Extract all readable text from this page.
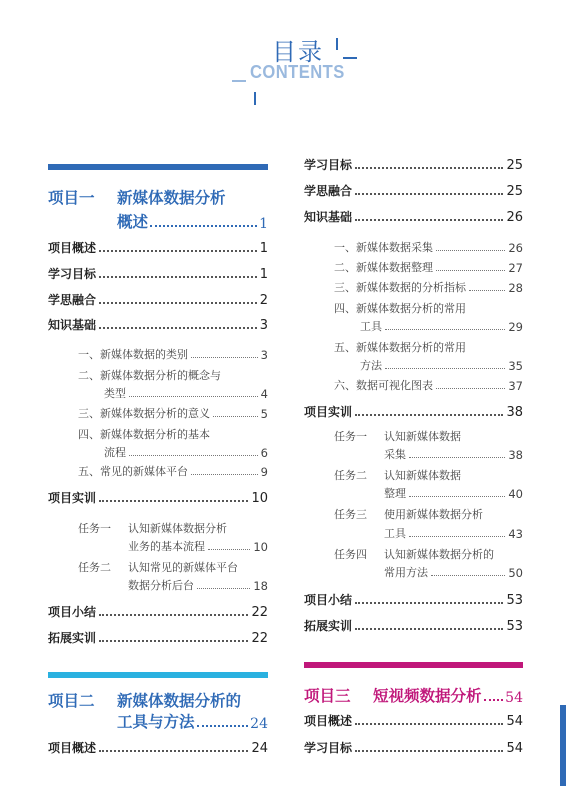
目录
CONTENTS
项目一 新媒体数据分析
概述	1
项目概述	1
学习目标	1
学思融合	2
知识基础	3
一、新媒体数据的类别	3
二、新媒体数据分析的概念与
类型	4
三、新媒体数据分析的意义	5
四、新媒体数据分析的基本
流程	6
五、常见的新媒体平台	9
项目实训	10
任务一 认知新媒体数据分析
业务的基本流程	10
任务二 认知常见的新媒体平台
数据分析后台	18
项目小结	22
拓展实训	22
项目二 新媒体数据分析的
工具与方法	24
项目概述	24
学习目标	25
学思融合	25
知识基础	26
一、新媒体数据采集	26
二、新媒体数据整理	27
三、新媒体数据的分析指标	28
四、新媒体数据分析的常用
工具	29
五、新媒体数据分析的常用
方法	35
六、数据可视化图表	37
项目实训	38
任务一 认知新媒体数据
采集	38
任务二 认知新媒体数据
整理	40
任务三 使用新媒体数据分析
工具	43
任务四 认知新媒体数据分析的
常用方法	50
项目小结	53
拓展实训	53
项目三 短视频数据分析 54
项目概述	54
学习目标	54
